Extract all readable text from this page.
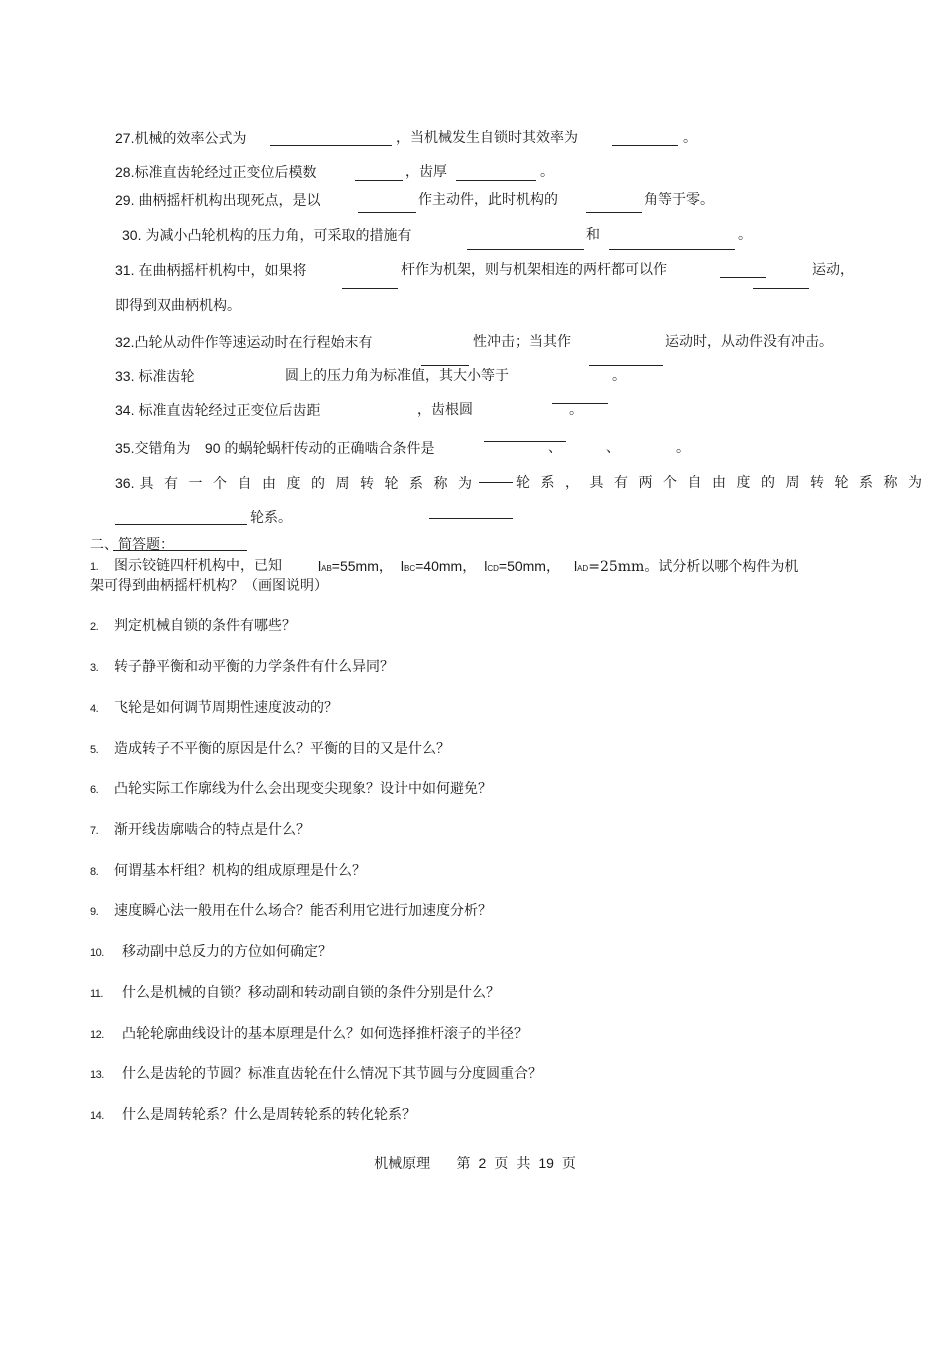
27.机械的效率公式为	，当机械发生自锁时其效率为	。
28.标准直齿轮经过正变位后模数	，齿厚	。
29. 曲柄摇杆机构出现死点，是以	作主动件，此时机构的	角等于零。
30. 为减小凸轮机构的压力角，可采取的措施有	和	。
31. 在曲柄摇杆机构中，如果将	杆作为机架，则与机架相连的两杆都可以作	运动，
即得到双曲柄机构。
32.凸轮从动件作等速运动时在行程始末有	性冲击；当其作	运动时，从动件没有冲击。
33. 标准齿轮	圆上的压力角为标准值，其大小等于	。
34. 标准直齿轮经过正变位后齿距	，齿根圆	。
35.交错角为 90 的蜗轮蜗杆传动的正确啮合条件是	、	、	。
36. 具有一个自由度的周转轮系称为 轮系，具有两个自由度的周转轮系称为
轮系。
二、简答题：
1. 图示铰链四杆机构中，已知	lAB=55mm， lBC=40mm， lCD=50mm， lAD=25mm。试分析以哪个构件为机
架可得到曲柄摇杆机构？（画图说明）
2. 判定机械自锁的条件有哪些？
3. 转子静平衡和动平衡的力学条件有什么异同？
4. 飞轮是如何调节周期性速度波动的？
5. 造成转子不平衡的原因是什么？平衡的目的又是什么？
6. 凸轮实际工作廓线为什么会出现变尖现象？设计中如何避免？
7. 渐开线齿廓啮合的特点是什么？
8. 何谓基本杆组？机构的组成原理是什么？
9. 速度瞬心法一般用在什么场合？能否利用它进行加速度分析？
10. 移动副中总反力的方位如何确定？
11. 什么是机械的自锁？移动副和转动副自锁的条件分别是什么？
12. 凸轮轮廓曲线设计的基本原理是什么？如何选择推杆滚子的半径？
13. 什么是齿轮的节圆？标准直齿轮在什么情况下其节圆与分度圆重合？
14. 什么是周转轮系？什么是周转轮系的转化轮系？
机械原理 第 2 页 共 19 页
